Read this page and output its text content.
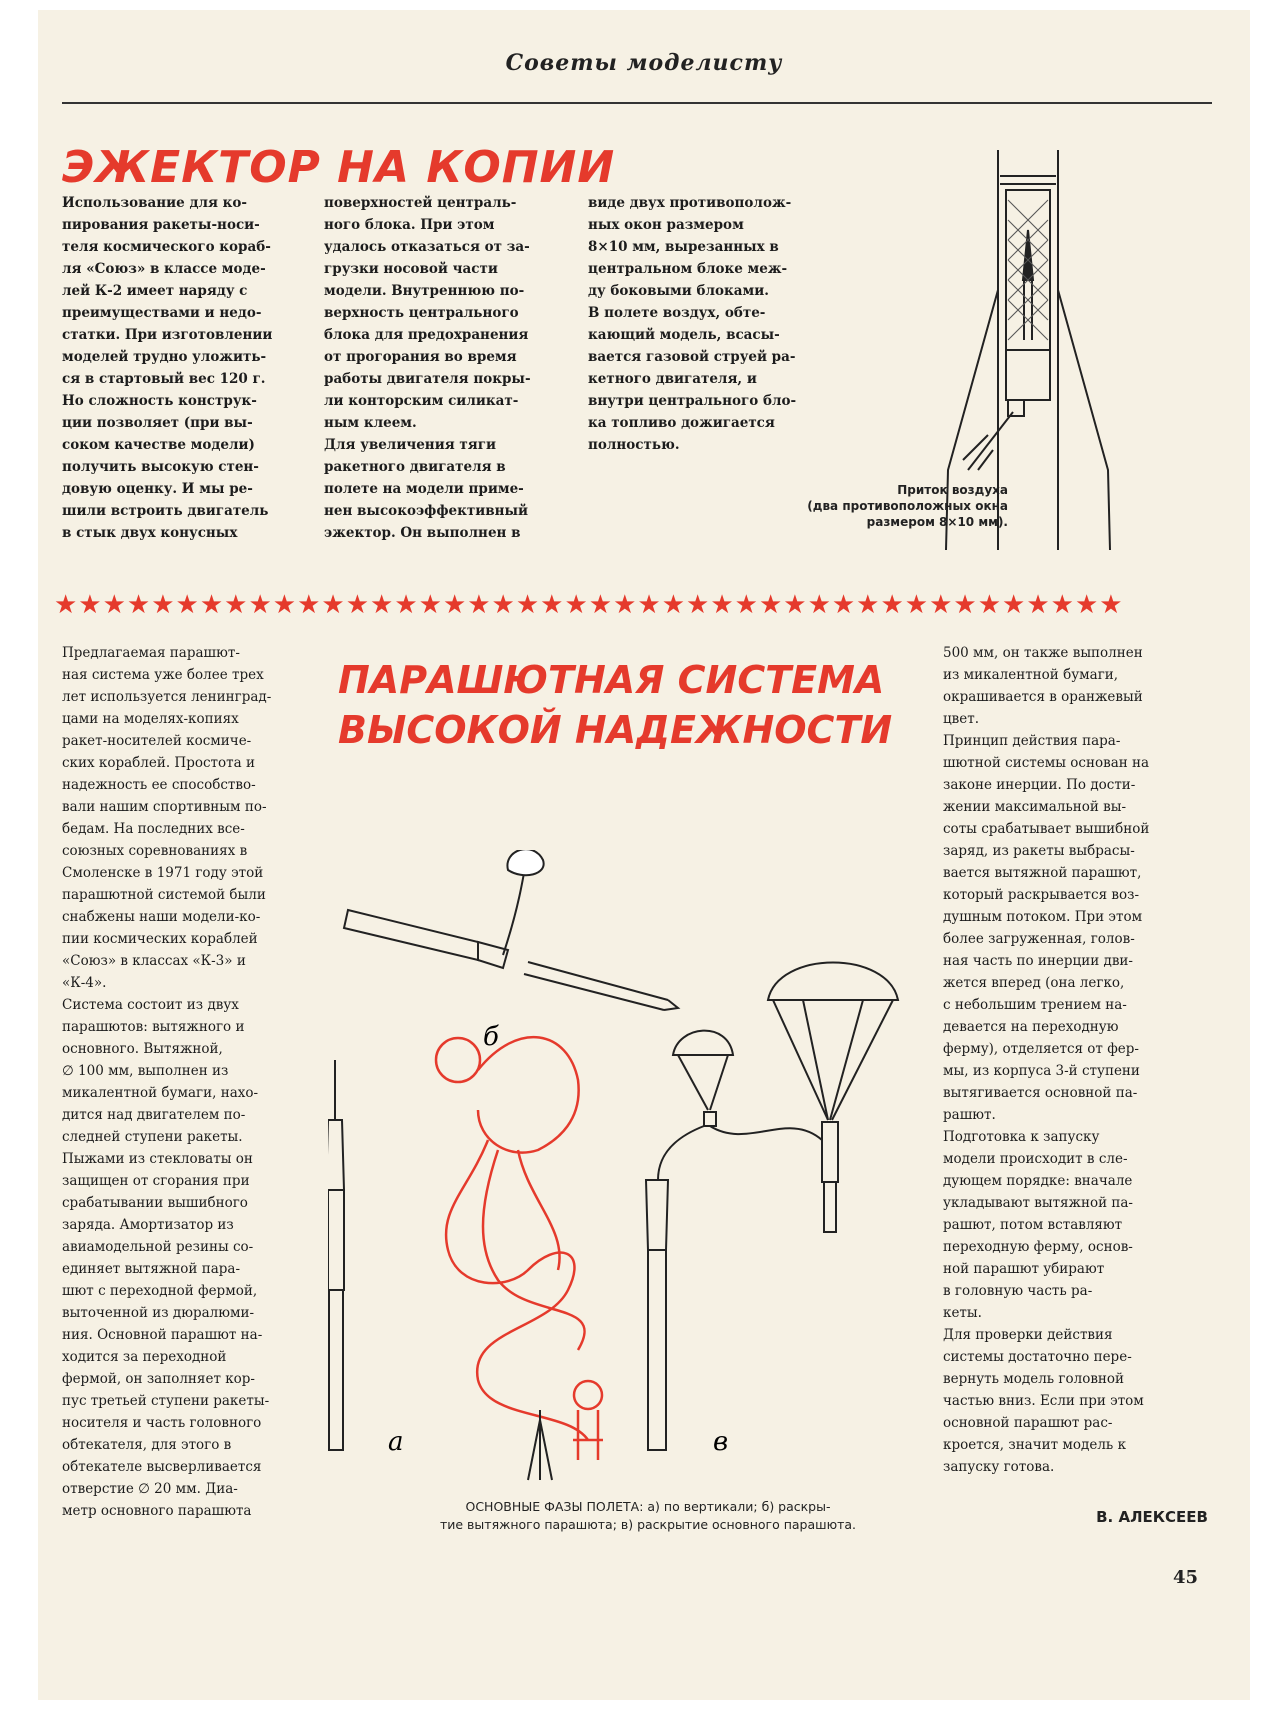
Советы моделисту
ЭЖЕКТОР НА КОПИИ
Использование для ко-
пирования ракеты-носи-
теля космического кораб-
ля «Союз» в классе моде-
лей К-2 имеет наряду с
преимуществами и недо-
статки. При изготовлении
моделей трудно уложить-
ся в стартовый вес 120 г.
Но сложность конструк-
ции позволяет (при вы-
соком качестве модели)
получить высокую стен-
довую оценку. И мы ре-
шили встроить двигатель
в стык двух конусных
поверхностей централь-
ного блока. При этом
удалось отказаться от за-
грузки носовой части
модели. Внутреннюю по-
верхность центрального
блока для предохранения
от прогорания во время
работы двигателя покры-
ли конторским силикат-
ным клеем.
Для увеличения тяги
ракетного двигателя в
полете на модели приме-
нен высокоэффективный
эжектор. Он выполнен в
виде двух противополож-
ных окон размером
8×10 мм, вырезанных в
центральном блоке меж-
ду боковыми блоками.
В полете воздух, обте-
кающий модель, всасы-
вается газовой струей ра-
кетного двигателя, и
внутри центрального бло-
ка топливо дожигается
полностью.
Приток воздуха
(два противоположных окна
размером 8×10 мм).
★★★★★★★★★★★★★★★★★★★★★★★★★★★★★★★★★★★★★★★★★★★★
Предлагаемая парашют-
ная система уже более трех
лет используется ленинград-
цами на моделях-копиях
ракет-носителей космиче-
ских кораблей. Простота и
надежность ее способство-
вали нашим спортивным по-
бедам. На последних все-
союзных соревнованиях в
Смоленске в 1971 году этой
парашютной системой были
снабжены наши модели-ко-
пии космических кораблей
«Союз» в классах «К-3» и
«К-4».
Система состоит из двух
парашютов: вытяжного и
основного. Вытяжной,
∅ 100 мм, выполнен из
микалентной бумаги, нахо-
дится над двигателем по-
следней ступени ракеты.
Пыжами из стекловаты он
защищен от сгорания при
срабатывании вышибного
заряда. Амортизатор из
авиамодельной резины со-
единяет вытяжной пара-
шют с переходной фермой,
выточенной из дюралюми-
ния. Основной парашют на-
ходится за переходной
фермой, он заполняет кор-
пус третьей ступени ракеты-
носителя и часть головного
обтекателя, для этого в
обтекателе высверливается
отверстие ∅ 20 мм. Диа-
метр основного парашюта
ПАРАШЮТНАЯ СИСТЕМА
ВЫСОКОЙ НАДЕЖНОСТИ
500 мм, он также выполнен
из микалентной бумаги,
окрашивается в оранжевый
цвет.
Принцип действия пара-
шютной системы основан на
законе инерции. По дости-
жении максимальной вы-
соты срабатывает вышибной
заряд, из ракеты выбрасы-
вается вытяжной парашют,
который раскрывается воз-
душным потоком. При этом
более загруженная, голов-
ная часть по инерции дви-
жется вперед (она легко,
с небольшим трением на-
девается на переходную
ферму), отделяется от фер-
мы, из корпуса 3-й ступени
вытягивается основной па-
рашют.
Подготовка к запуску
модели происходит в сле-
дующем порядке: вначале
укладывают вытяжной па-
рашют, потом вставляют
переходную ферму, основ-
ной парашют убирают
в головную часть ра-
кеты.
Для проверки действия
системы достаточно пере-
вернуть модель головной
частью вниз. Если при этом
основной парашют рас-
кроется, значит модель к
запуску готова.
б
а	в
ОСНОВНЫЕ ФАЗЫ ПОЛЕТА: а) по вертикали; б) раскры-
тие вытяжного парашюта; в) раскрытие основного парашюта.	В. АЛЕКСЕЕВ
45
